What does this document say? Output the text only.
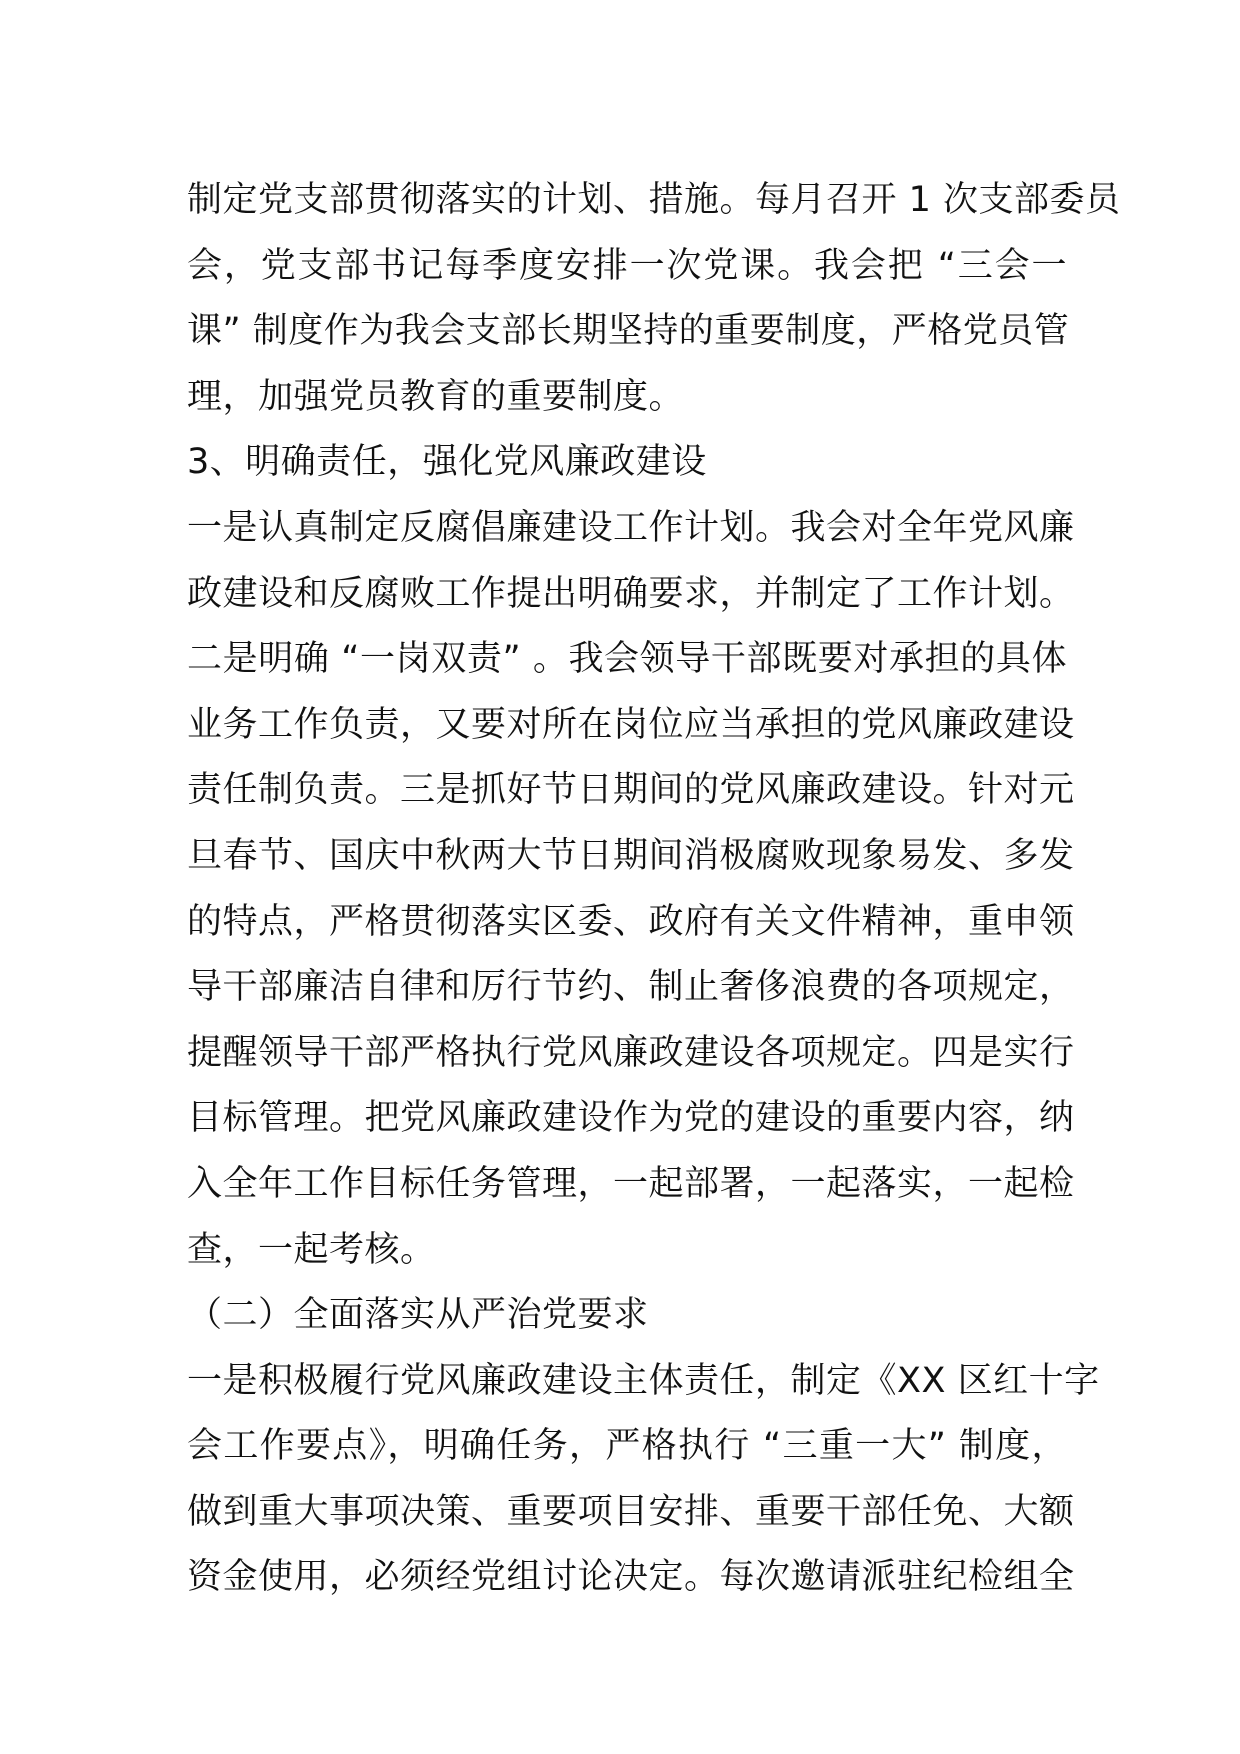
制定党支部贯彻落实的计划、措施。每月召开 1 次支部委员
会，党支部书记每季度安排一次党课。我会把 “三会一
课” 制度作为我会支部长期坚持的重要制度，严格党员管
理，加强党员教育的重要制度。
3、明确责任，强化党风廉政建设
一是认真制定反腐倡廉建设工作计划。我会对全年党风廉
政建设和反腐败工作提出明确要求，并制定了工作计划。
二是明确 “一岗双责” 。我会领导干部既要对承担的具体
业务工作负责，又要对所在岗位应当承担的党风廉政建设
责任制负责。三是抓好节日期间的党风廉政建设。针对元
旦春节、国庆中秋两大节日期间消极腐败现象易发、多发
的特点，严格贯彻落实区委、政府有关文件精神，重申领
导干部廉洁自律和厉行节约、制止奢侈浪费的各项规定，
提醒领导干部严格执行党风廉政建设各项规定。四是实行
目标管理。把党风廉政建设作为党的建设的重要内容，纳
入全年工作目标任务管理，一起部署，一起落实，一起检
查，一起考核。
（二）全面落实从严治党要求
一是积极履行党风廉政建设主体责任，制定《XX 区红十字
会工作要点》，明确任务，严格执行 “三重一大” 制度，
做到重大事项决策、重要项目安排、重要干部任免、大额
资金使用，必须经党组讨论决定。每次邀请派驻纪检组全
